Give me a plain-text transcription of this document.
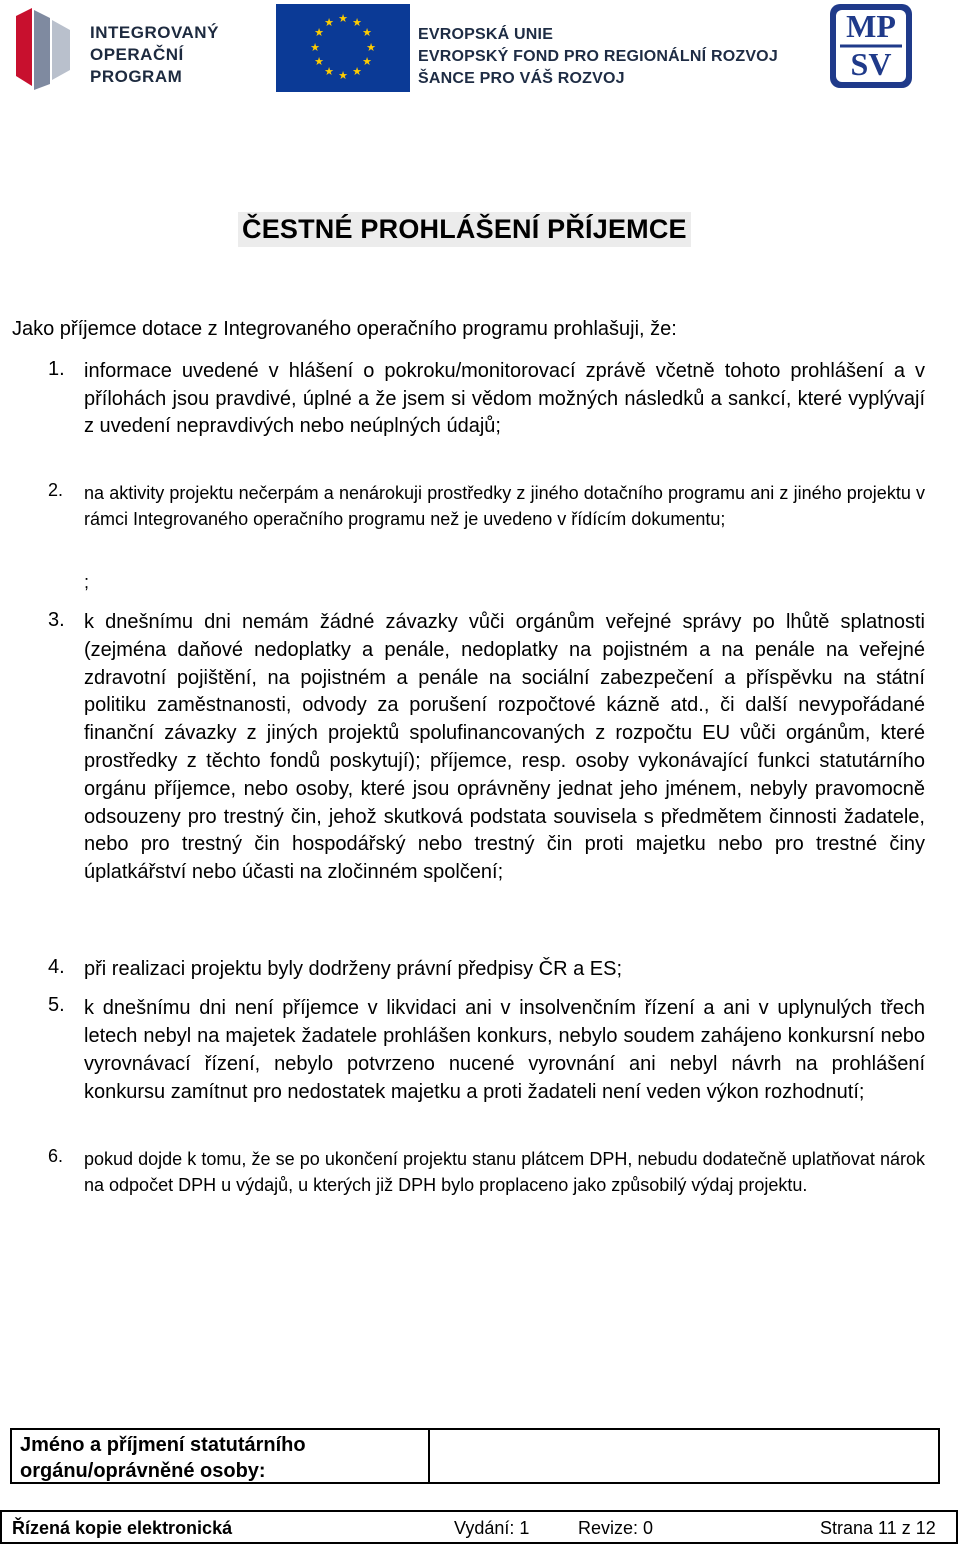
INTEGROVANÝ
OPERAČNÍ
PROGRAM
★ ★
★
★
★
★
★
★
★
★
★
★
EVROPSKÁ UNIE
EVROPSKÝ FOND PRO REGIONÁLNÍ ROZVOJ
ŠANCE PRO VÁŠ ROZVOJ
MP
SV
ČESTNÉ PROHLÁŠENÍ PŘÍJEMCE
Jako příjemce dotace z Integrovaného operačního programu prohlašuji, že:
1. informace uvedené v hlášení o pokroku/monitorovací zprávě včetně tohoto prohlášení a v přílohách jsou pravdivé, úplné a že jsem si vědom možných následků a sankcí, které vyplývají z uvedení nepravdivých nebo neúplných údajů;
2. na aktivity projektu nečerpám a nenárokuji prostředky z jiného dotačního programu ani z jiného projektu v rámci Integrovaného operačního programu než je uvedeno v řídícím dokumentu;
;
3. k dnešnímu dni nemám žádné závazky vůči orgánům veřejné správy po lhůtě splatnosti (zejména daňové nedoplatky a penále, nedoplatky na pojistném a na penále na veřejné zdravotní pojištění, na pojistném a penále na sociální zabezpečení a příspěvku na státní politiku zaměstnanosti, odvody za porušení rozpočtové kázně atd., či další nevypořádané finanční závazky z jiných projektů spolufinancovaných z rozpočtu EU vůči orgánům, které prostředky z těchto fondů poskytují); příjemce, resp. osoby vykonávající funkci statutárního orgánu příjemce, nebo osoby, které jsou oprávněny jednat jeho jménem, nebyly pravomocně odsouzeny pro trestný čin, jehož skutková podstata souvisela s předmětem činnosti žadatele, nebo pro trestný čin hospodářský nebo trestný čin proti majetku nebo pro trestné činy úplatkářství nebo účasti na zločinném spolčení;
4. při realizaci projektu byly dodrženy právní předpisy ČR a ES;
5. k dnešnímu dni není příjemce v likvidaci ani v insolvenčním řízení a ani v uplynulých třech letech nebyl na majetek žadatele prohlášen konkurs, nebylo soudem zahájeno konkursní nebo vyrovnávací řízení, nebylo potvrzeno nucené vyrovnání ani nebyl návrh na prohlášení konkursu zamítnut pro nedostatek majetku a proti žadateli není veden výkon rozhodnutí;
6. pokud dojde k tomu, že se po ukončení projektu stanu plátcem DPH, nebudu dodatečně uplatňovat nárok na odpočet DPH u výdajů, u kterých již DPH bylo proplaceno jako způsobilý výdaj projektu.
Jméno a příjmení statutárního orgánu/oprávněné osoby:
Řízená kopie elektronická	Vydání: 1	Revize: 0	Strana 11 z 12
